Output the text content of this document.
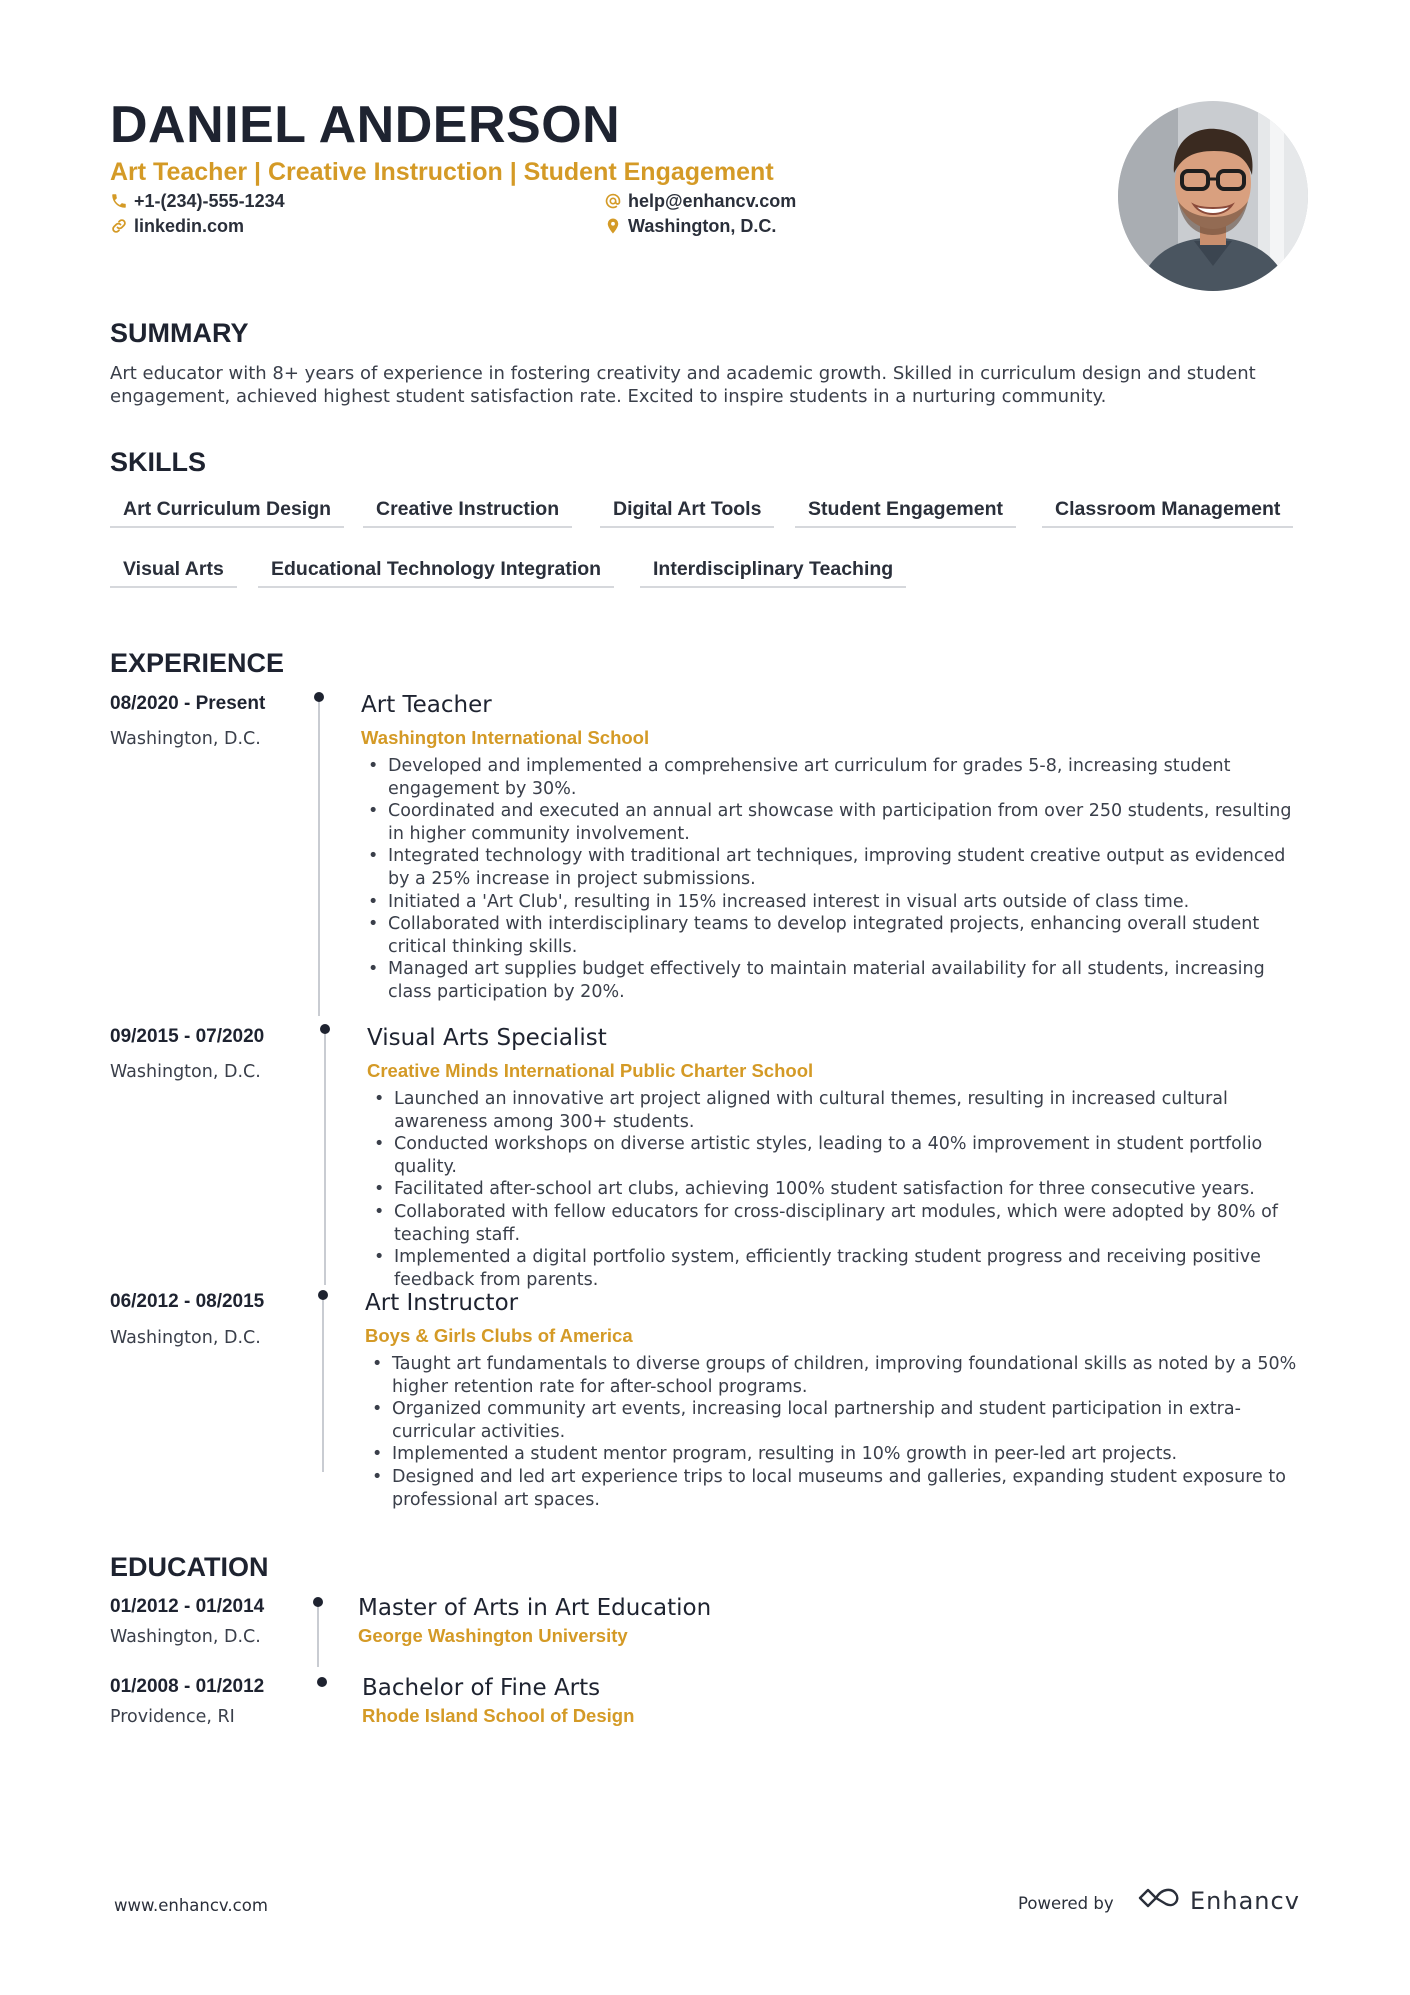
DANIEL ANDERSON
Art Teacher | Creative Instruction | Student Engagement
+1-(234)-555-1234
linkedin.com
help@enhancv.com
Washington, D.C.
SUMMARY
Art educator with 8+ years of experience in fostering creativity and academic growth. Skilled in curriculum design and student engagement, achieved highest student satisfaction rate. Excited to inspire students in a nurturing community.
SKILLS
Art Curriculum Design	Creative Instruction	Digital Art Tools	Student Engagement	Classroom Management
Visual Arts	Educational Technology Integration	Interdisciplinary Teaching
EXPERIENCE
08/2020 - Present
Washington, D.C.
Art Teacher
Washington International School
• Developed and implemented a comprehensive art curriculum for grades 5-8, increasing student engagement by 30%.
• Coordinated and executed an annual art showcase with participation from over 250 students, resulting in higher community involvement.
• Integrated technology with traditional art techniques, improving student creative output as evidenced by a 25% increase in project submissions.
• Initiated a 'Art Club', resulting in 15% increased interest in visual arts outside of class time.
• Collaborated with interdisciplinary teams to develop integrated projects, enhancing overall student critical thinking skills.
• Managed art supplies budget effectively to maintain material availability for all students, increasing class participation by 20%.
09/2015 - 07/2020
Washington, D.C.
Visual Arts Specialist
Creative Minds International Public Charter School
• Launched an innovative art project aligned with cultural themes, resulting in increased cultural awareness among 300+ students.
• Conducted workshops on diverse artistic styles, leading to a 40% improvement in student portfolio quality.
• Facilitated after-school art clubs, achieving 100% student satisfaction for three consecutive years.
• Collaborated with fellow educators for cross-disciplinary art modules, which were adopted by 80% of teaching staff.
• Implemented a digital portfolio system, efficiently tracking student progress and receiving positive feedback from parents.
06/2012 - 08/2015
Washington, D.C.
Art Instructor
Boys & Girls Clubs of America
• Taught art fundamentals to diverse groups of children, improving foundational skills as noted by a 50% higher retention rate for after-school programs.
• Organized community art events, increasing local partnership and student participation in extra-curricular activities.
• Implemented a student mentor program, resulting in 10% growth in peer-led art projects.
• Designed and led art experience trips to local museums and galleries, expanding student exposure to professional art spaces.
EDUCATION
01/2012 - 01/2014
Washington, D.C.
Master of Arts in Art Education
George Washington University
01/2008 - 01/2012
Providence, RI
Bachelor of Fine Arts
Rhode Island School of Design
www.enhancv.com	Powered by	Enhancv
